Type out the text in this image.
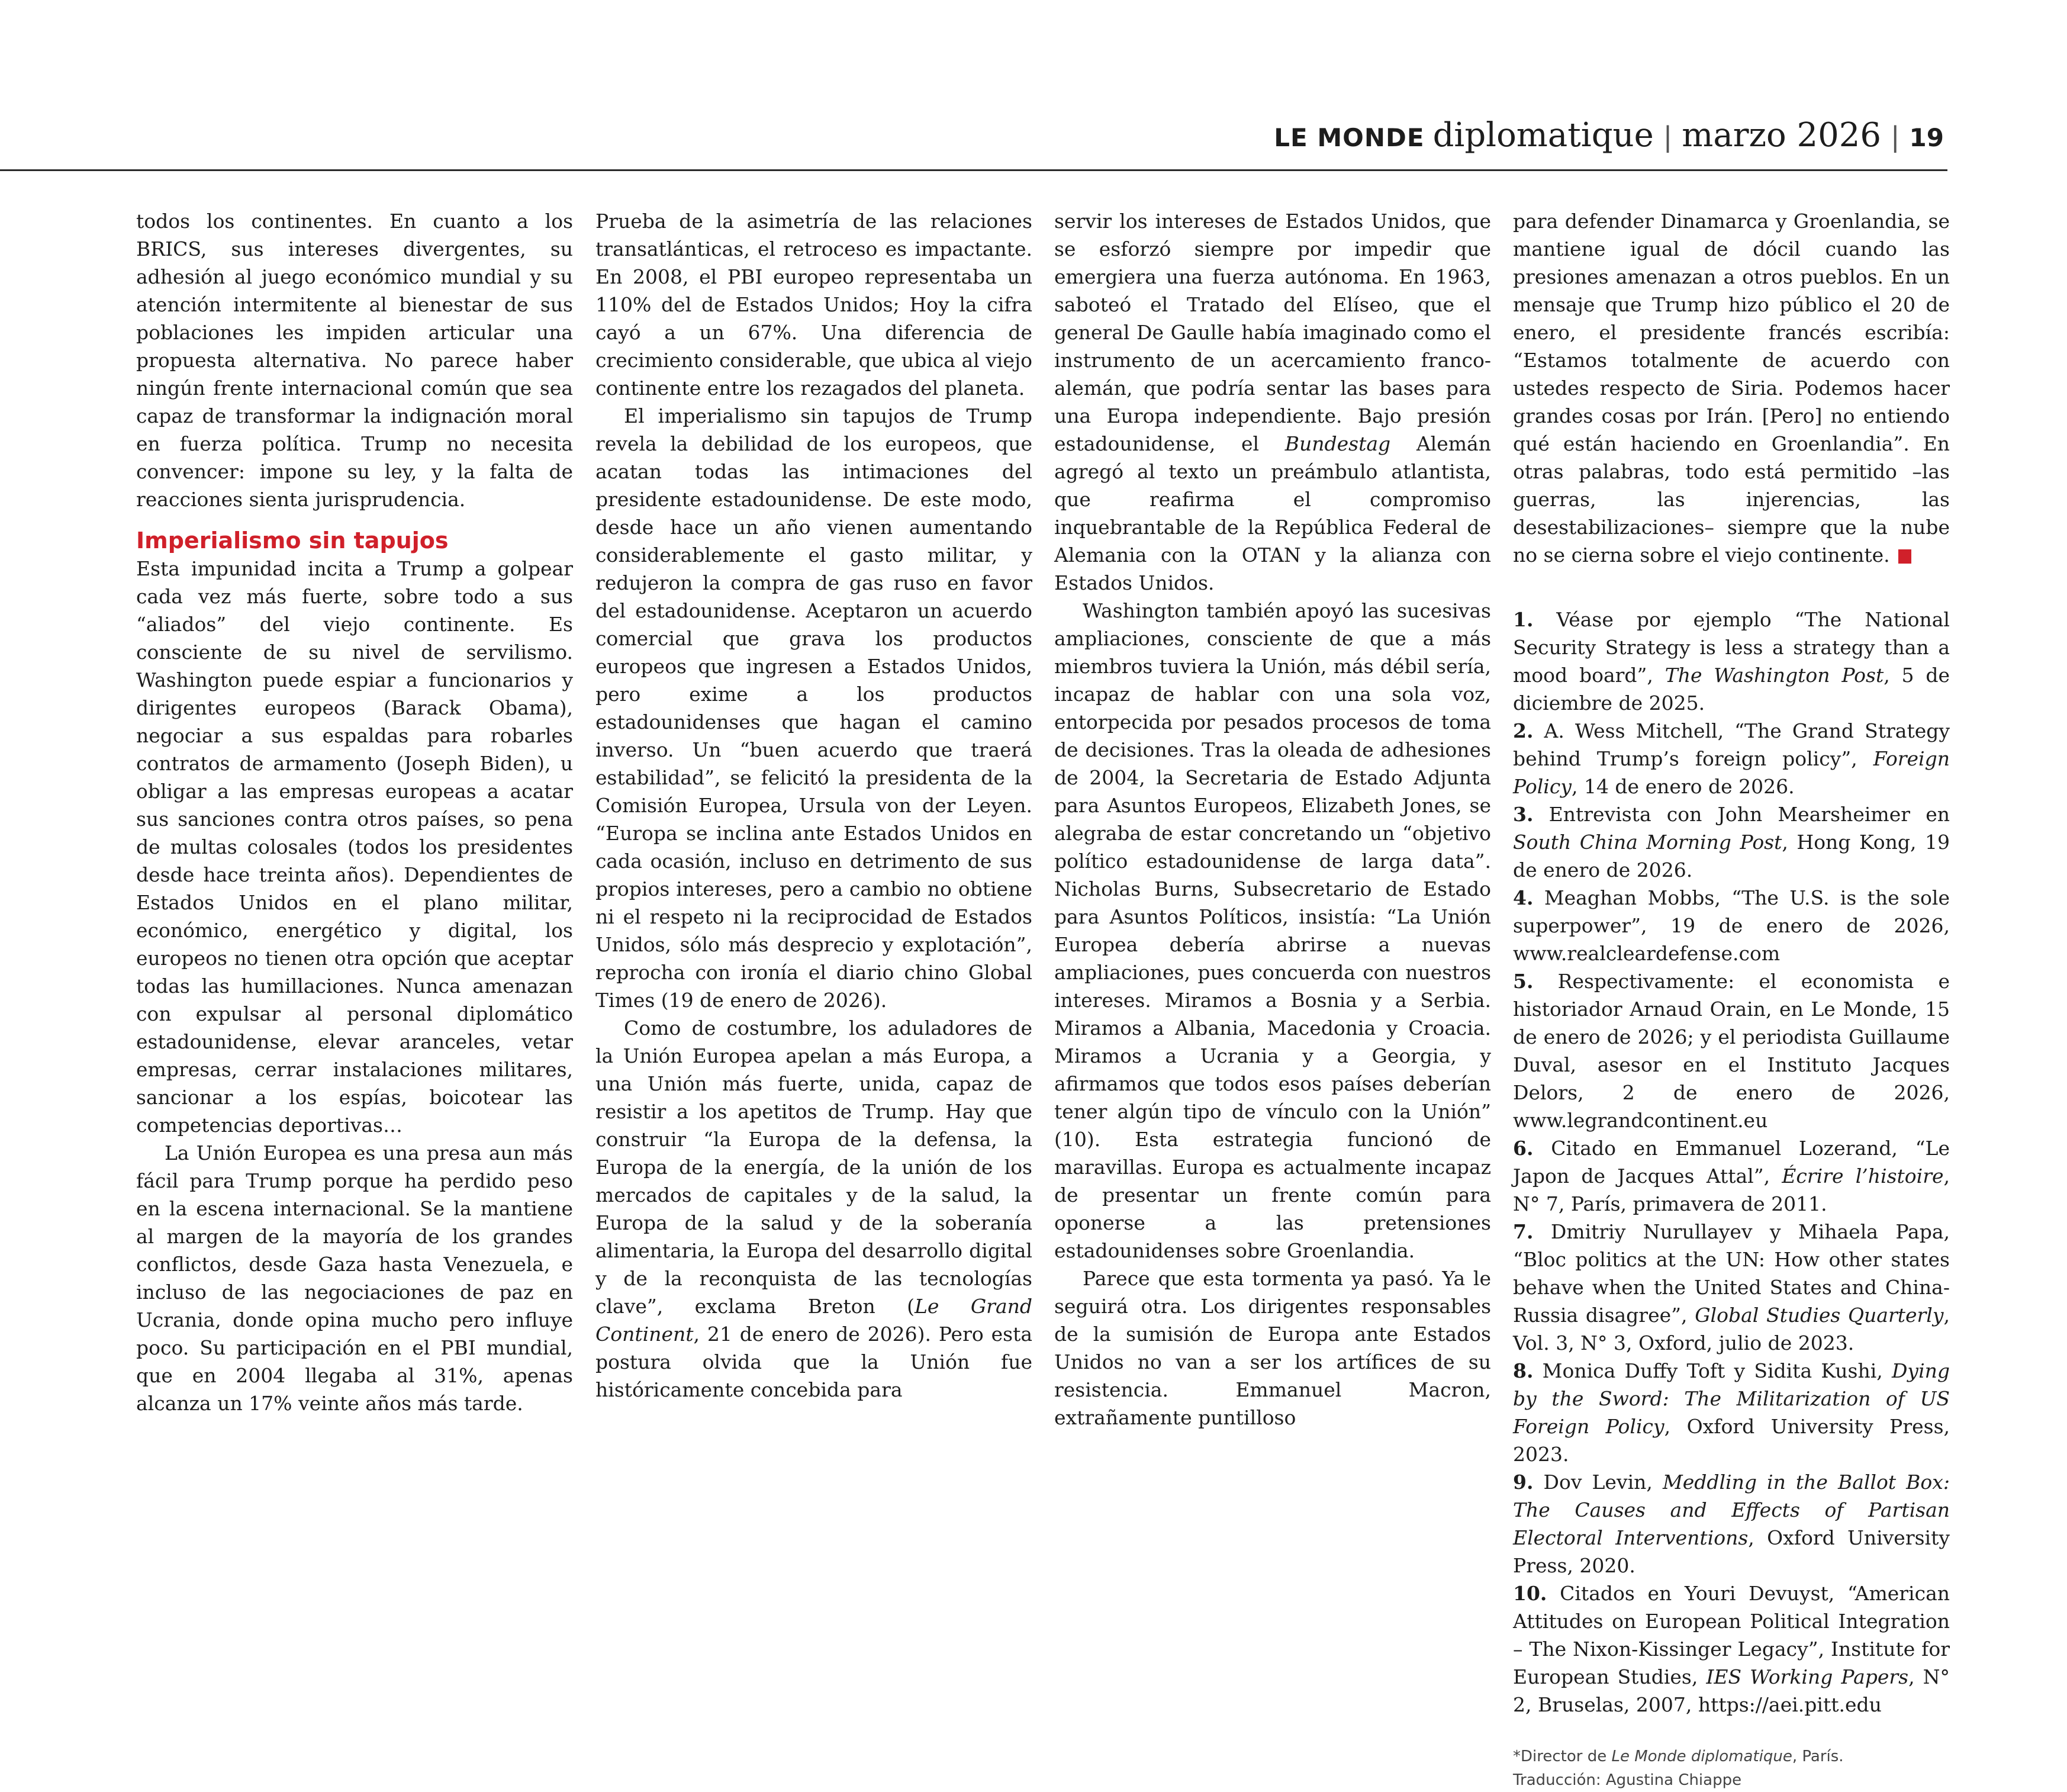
LE MONDE diplomatique | marzo 2026 | 19

todos los continentes. En cuanto a los BRICS, sus intereses divergentes, su adhesión al juego económico mundial y su atención intermitente al bienestar de sus poblaciones les impiden articular una propuesta alternativa. No parece haber ningún frente internacional común que sea capaz de transformar la indignación moral en fuerza política. Trump no necesita convencer: impone su ley, y la falta de reacciones sienta jurisprudencia.

Imperialismo sin tapujos

Esta impunidad incita a Trump a golpear cada vez más fuerte, sobre todo a sus “aliados” del viejo continente. Es consciente de su nivel de servilismo. Washington puede espiar a funcionarios y dirigentes europeos (Barack Obama), negociar a sus espaldas para robarles contratos de armamento (Joseph Biden), u obligar a las empresas europeas a acatar sus sanciones contra otros países, so pena de multas colosales (todos los presidentes desde hace treinta años). Dependientes de Estados Unidos en el plano militar, económico, energético y digital, los europeos no tienen otra opción que aceptar todas las humillaciones. Nunca amenazan con expulsar al personal diplomático estadounidense, elevar aranceles, vetar empresas, cerrar instalaciones militares, sancionar a los espías, boicotear las competencias deportivas…

La Unión Europea es una presa aun más fácil para Trump porque ha perdido peso en la escena internacional. Se la mantiene al margen de la mayoría de los grandes conflictos, desde Gaza hasta Venezuela, e incluso de las negociaciones de paz en Ucrania, donde opina mucho pero influye poco. Su participación en el PBI mundial, que en 2004 llegaba al 31%, apenas alcanza un 17% veinte años más tarde.

Prueba de la asimetría de las relaciones transatlánticas, el retroceso es impactante. En 2008, el PBI europeo representaba un 110% del de Estados Unidos; Hoy la cifra cayó a un 67%. Una diferencia de crecimiento considerable, que ubica al viejo continente entre los rezagados del planeta.

El imperialismo sin tapujos de Trump revela la debilidad de los europeos, que acatan todas las intimaciones del presidente estadounidense. De este modo, desde hace un año vienen aumentando considerablemente el gasto militar, y redujeron la compra de gas ruso en favor del estadounidense. Aceptaron un acuerdo comercial que grava los productos europeos que ingresen a Estados Unidos, pero exime a los productos estadounidenses que hagan el camino inverso. Un “buen acuerdo que traerá estabilidad”, se felicitó la presidenta de la Comisión Europea, Ursula von der Leyen. “Europa se inclina ante Estados Unidos en cada ocasión, incluso en detrimento de sus propios intereses, pero a cambio no obtiene ni el respeto ni la reciprocidad de Estados Unidos, sólo más desprecio y explotación”, reprocha con ironía el diario chino Global Times (19 de enero de 2026).

Como de costumbre, los aduladores de la Unión Europea apelan a más Europa, a una Unión más fuerte, unida, capaz de resistir a los apetitos de Trump. Hay que construir “la Europa de la defensa, la Europa de la energía, de la unión de los mercados de capitales y de la salud, la Europa de la salud y de la soberanía alimentaria, la Europa del desarrollo digital y de la reconquista de las tecnologías clave”, exclama Breton (Le Grand Continent, 21 de enero de 2026). Pero esta postura olvida que la Unión fue históricamente concebida para

servir los intereses de Estados Unidos, que se esforzó siempre por impedir que emergiera una fuerza autónoma. En 1963, saboteó el Tratado del Elíseo, que el general De Gaulle había imaginado como el instrumento de un acercamiento franco-alemán, que podría sentar las bases para una Europa independiente. Bajo presión estadounidense, el Bundestag Alemán agregó al texto un preámbulo atlantista, que reafirma el compromiso inquebrantable de la República Federal de Alemania con la OTAN y la alianza con Estados Unidos.

Washington también apoyó las sucesivas ampliaciones, consciente de que a más miembros tuviera la Unión, más débil sería, incapaz de hablar con una sola voz, entorpecida por pesados procesos de toma de decisiones. Tras la oleada de adhesiones de 2004, la Secretaria de Estado Adjunta para Asuntos Europeos, Elizabeth Jones, se alegraba de estar concretando un “objetivo político estadounidense de larga data”. Nicholas Burns, Subsecretario de Estado para Asuntos Políticos, insistía: “La Unión Europea debería abrirse a nuevas ampliaciones, pues concuerda con nuestros intereses. Miramos a Bosnia y a Serbia. Miramos a Albania, Macedonia y Croacia. Miramos a Ucrania y a Georgia, y afirmamos que todos esos países deberían tener algún tipo de vínculo con la Unión” (10). Esta estrategia funcionó de maravillas. Europa es actualmente incapaz de presentar un frente común para oponerse a las pretensiones estadounidenses sobre Groenlandia.

Parece que esta tormenta ya pasó. Ya le seguirá otra. Los dirigentes responsables de la sumisión de Europa ante Estados Unidos no van a ser los artífices de su resistencia. Emmanuel Macron, extrañamente puntilloso

para defender Dinamarca y Groenlandia, se mantiene igual de dócil cuando las presiones amenazan a otros pueblos. En un mensaje que Trump hizo público el 20 de enero, el presidente francés escribía: “Estamos totalmente de acuerdo con ustedes respecto de Siria. Podemos hacer grandes cosas por Irán. [Pero] no entiendo qué están haciendo en Groenlandia”. En otras palabras, todo está permitido –las guerras, las injerencias, las desestabilizaciones– siempre que la nube no se cierna sobre el viejo continente.

1. Véase por ejemplo “The National Security Strategy is less a strategy than a mood board”, The Washington Post, 5 de diciembre de 2025.

2. A. Wess Mitchell, “The Grand Strategy behind Trump’s foreign policy”, Foreign Policy, 14 de enero de 2026.

3. Entrevista con John Mearsheimer en South China Morning Post, Hong Kong, 19 de enero de 2026.

4. Meaghan Mobbs, “The U.S. is the sole superpower”, 19 de enero de 2026, www.realcleardefense.com

5. Respectivamente: el economista e historiador Arnaud Orain, en Le Monde, 15 de enero de 2026; y el periodista Guillaume Duval, asesor en el Instituto Jacques Delors, 2 de enero de 2026, www.legrandcontinent.eu

6. Citado en Emmanuel Lozerand, “Le Japon de Jacques Attal”, Écrire l’histoire, N° 7, París, primavera de 2011.

7. Dmitriy Nurullayev y Mihaela Papa, “Bloc politics at the UN: How other states behave when the United States and China-Russia disagree”, Global Studies Quarterly, Vol. 3, N° 3, Oxford, julio de 2023.

8. Monica Duffy Toft y Sidita Kushi, Dying by the Sword: The Militarization of US Foreign Policy, Oxford University Press, 2023.

9. Dov Levin, Meddling in the Ballot Box: The Causes and Effects of Partisan Electoral Interventions, Oxford University Press, 2020.

10. Citados en Youri Devuyst, “American Attitudes on European Political Integration – The Nixon-Kissinger Legacy”, Institute for European Studies, IES Working Papers, N° 2, Bruselas, 2007, https://aei.pitt.edu

*Director de Le Monde diplomatique, París.
Traducción: Agustina Chiappe
